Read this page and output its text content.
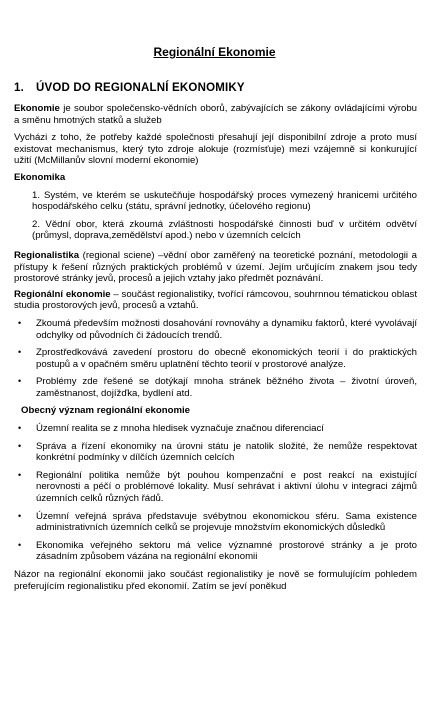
Regionální Ekonomie
1. ÚVOD DO REGIONALNÍ EKONOMIKY

Ekonomie je soubor společensko-vědních oborů, zabývajících se zákony ovládajícími výrobu a směnu hmotných statků a služeb

Vycházi z toho, že potřeby každé společnosti přesahují její disponibilní zdroje a proto musí existovat mechanismus, který tyto zdroje alokuje (rozmísťuje) mezi vzájemně si konkurující užití (McMillanův slovní moderní ekonomie)

Ekonomika

1. Systém, ve kterém se uskutečňuje hospodářský proces vymezený hranicemi určitého hospodářského celku (státu, správní jednotky, účelového regionu)
2. Vědní obor, která zkoumá zvláštnosti hospodářské činnosti buď v určitém odvětví (průmysl, doprava,zemědělství apod.) nebo v územních celcích

Regionalistika (regional sciene) –vědní obor zaměřený na teoretické poznání, metodologii a přístupy k řešení různých praktických problémů v území. Jejím určujícím znakem jsou tedy prostorové stránky jevů, procesů a jejich vztahy jako předmět poznávání.

Regionální ekonomie – součást regionalistiky, tvořící rámcovou, souhrnnou tématickou oblast studia prostorových jevů, procesů a vztahů.

• Zkoumá především možnosti dosahování rovnováhy a dynamiku faktorů, které vyvolávají odchylky od původních či žádoucích trendů.
• Zprostředkovává zavedení prostoru do obecně ekonomických teorií i do praktických postupů a v opačném směru uplatnění těchto teorií v prostorové analýze.
• Problémy zde řešené se dotýkají mnoha stránek běžného života – životní úroveň, zaměstnanost, dojížďka, bydlení atd.

Obecný význam regionální ekonomie

• Územní realita se z mnoha hledisek vyznačuje značnou diferenciací
• Správa a řízení ekonomiky na úrovni státu je natolik složité, že nemůže respektovat konkrétní podmínky v dílčích územních celcích
• Regionální politika nemůže být pouhou kompenzační e post reakcí na existující nerovnosti a péčí o problémové lokality. Musí sehrávat i aktivní úlohu v integraci zájmů územních celků různých řádů.
• Územní veřejná správa představuje svébytnou ekonomickou sféru. Sama existence administrativních územních celků se projevuje množstvím ekonomických důsledků
• Ekonomika veřejného sektoru má velice významné prostorové stránky a je proto zásadním způsobem vázána na regionální ekonomii

Názor na regionální ekonomii jako součást regionalistiky je nově se formulujícím pohledem preferujícím regionalistiku před ekonomií. Zatím se jeví poněkud
